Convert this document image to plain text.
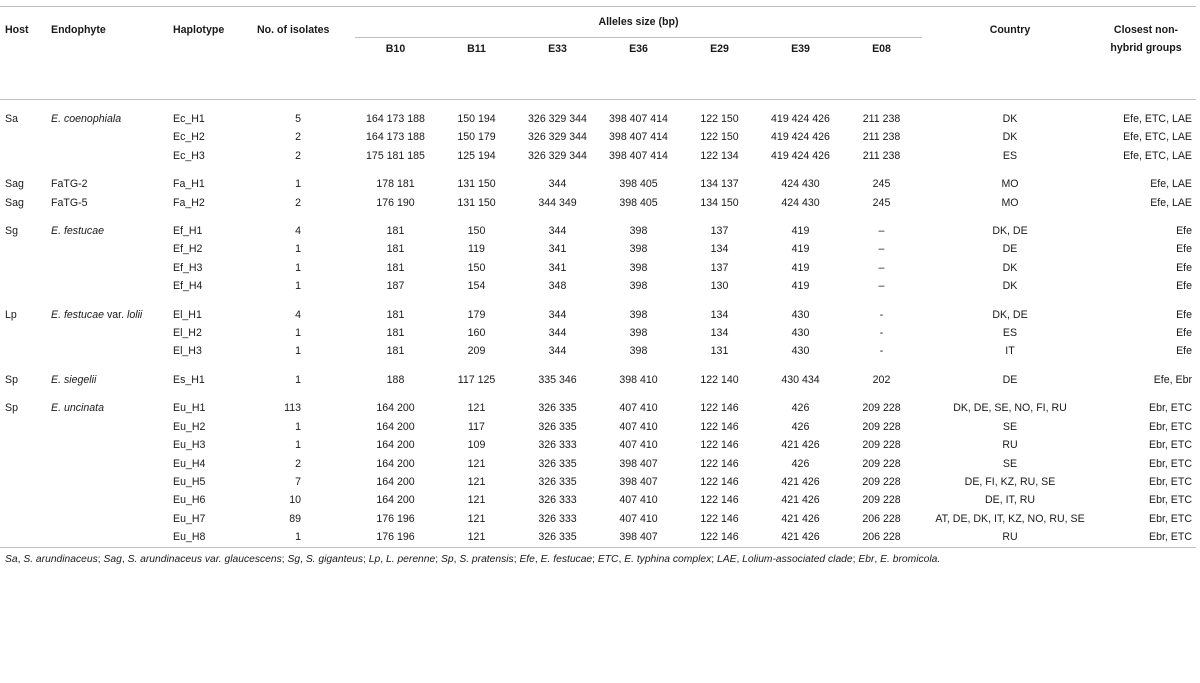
Host	Endophyte	Haplotype	No. of isolates	Alleles size (bp)							Country	Closest non-hybrid groups
				B10	B11	E33	E36	E29	E39	E08		

Sa	E. coenophiala	Ec_H1	5	164 173 188	150 194	326 329 344	398 407 414	122 150	419 424 426	211 238	DK	Efe, ETC, LAE
		Ec_H2	2	164 173 188	150 179	326 329 344	398 407 414	122 150	419 424 426	211 238	DK	Efe, ETC, LAE
		Ec_H3	2	175 181 185	125 194	326 329 344	398 407 414	122 134	419 424 426	211 238	ES	Efe, ETC, LAE

Sag	FaTG-2	Fa_H1	1	178 181	131 150	344	398 405	134 137	424 430	245	MO	Efe, LAE
Sag	FaTG-5	Fa_H2	2	176 190	131 150	344 349	398 405	134 150	424 430	245	MO	Efe, LAE

Sg	E. festucae	Ef_H1	4	181	150	344	398	137	419	–	DK, DE	Efe
		Ef_H2	1	181	119	341	398	134	419	–	DE	Efe
		Ef_H3	1	181	150	341	398	137	419	–	DK	Efe
		Ef_H4	1	187	154	348	398	130	419	–	DK	Efe

Lp	E. festucae var. lolii	El_H1	4	181	179	344	398	134	430	-	DK, DE	Efe
		El_H2	1	181	160	344	398	134	430	-	ES	Efe
		El_H3	1	181	209	344	398	131	430	-	IT	Efe

Sp	E. siegelii	Es_H1	1	188	117 125	335 346	398 410	122 140	430 434	202	DE	Efe, Ebr

Sp	E. uncinata	Eu_H1	113	164 200	121	326 335	407 410	122 146	426	209 228	DK, DE, SE, NO, FI, RU	Ebr, ETC
		Eu_H2	1	164 200	117	326 335	407 410	122 146	426	209 228	SE	Ebr, ETC
		Eu_H3	1	164 200	109	326 333	407 410	122 146	421 426	209 228	RU	Ebr, ETC
		Eu_H4	2	164 200	121	326 335	398 407	122 146	426	209 228	SE	Ebr, ETC
		Eu_H5	7	164 200	121	326 335	398 407	122 146	421 426	209 228	DE, FI, KZ, RU, SE	Ebr, ETC
		Eu_H6	10	164 200	121	326 333	407 410	122 146	421 426	209 228	DE, IT, RU	Ebr, ETC
		Eu_H7	89	176 196	121	326 333	407 410	122 146	421 426	206 228	AT, DE, DK, IT, KZ, NO, RU, SE	Ebr, ETC
		Eu_H8	1	176 196	121	326 335	398 407	122 146	421 426	206 228	RU	Ebr, ETC
Sa, S. arundinaceus; Sag, S. arundinaceus var. glaucescens; Sg, S. giganteus; Lp, L. perenne; Sp, S. pratensis; Efe, E. festucae; ETC, E. typhina complex; LAE, Lolium-associated clade; Ebr, E. bromicola.												
